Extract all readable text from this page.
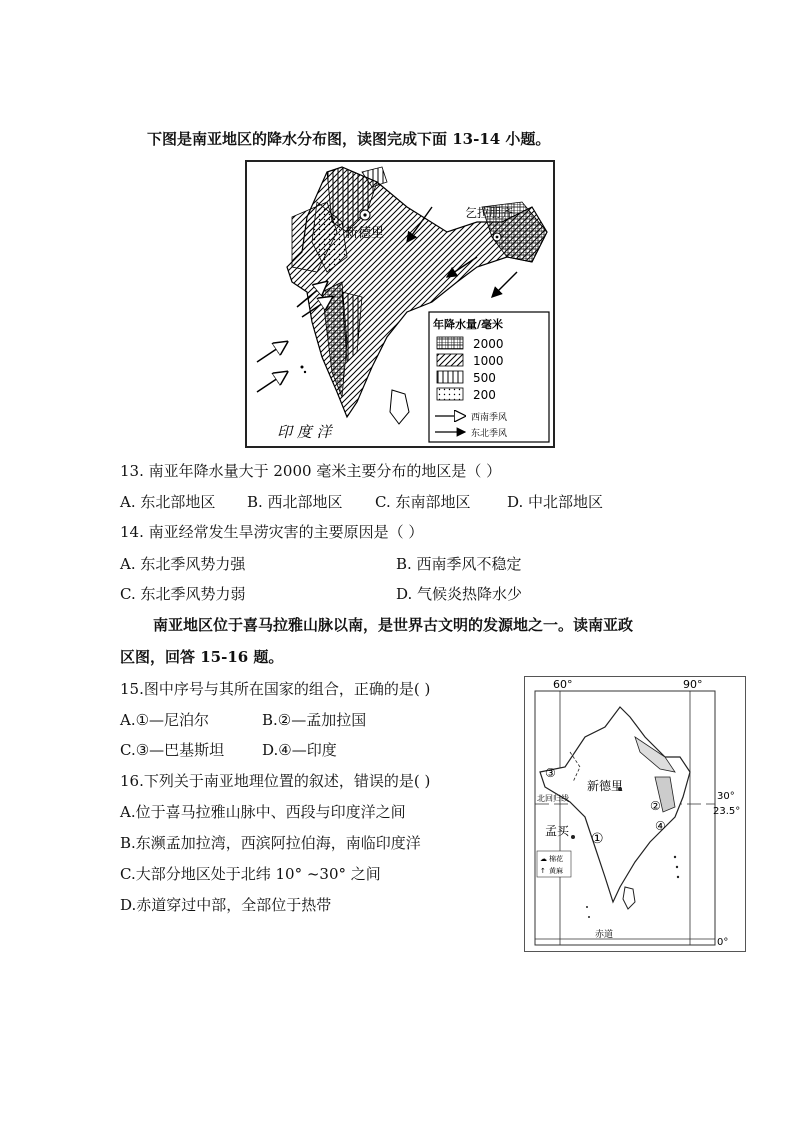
下图是南亚地区的降水分布图，读图完成下面 13-14 小题。
新德里
乞拉朋齐
印 度 洋
年降水量/毫米
2000
1000
500
200
西南季风
东北季风
13. 南亚年降水量大于 2000 毫米主要分布的地区是（ ）
A. 东北部地区 B. 西北部地区 C. 东南部地区 D. 中北部地区
14. 南亚经常发生旱涝灾害的主要原因是（ ）
A. 东北季风势力强	B. 西南季风不稳定
C. 东北季风势力弱	D. 气候炎热降水少
南亚地区位于喜马拉雅山脉以南，是世界古文明的发源地之一。读南亚政
区图，回答 15-16 题。
15.图中序号与其所在国家的组合，正确的是( )
A.①—尼泊尔	B.②—孟加拉国
C.③—巴基斯坦	D.④—印度
16.下列关于南亚地理位置的叙述，错误的是( )
A.位于喜马拉雅山脉中、西段与印度洋之间
B.东濒孟加拉湾，西滨阿拉伯海，南临印度洋
C.大部分地区处于北纬 10° ~30° 之间
D.赤道穿过中部，全部位于热带
☁ 棉花
↑ 黄麻
60°	90°
30°
23.5°
0°
北回归线
赤道
新德里
孟买 ①
②
③
④
